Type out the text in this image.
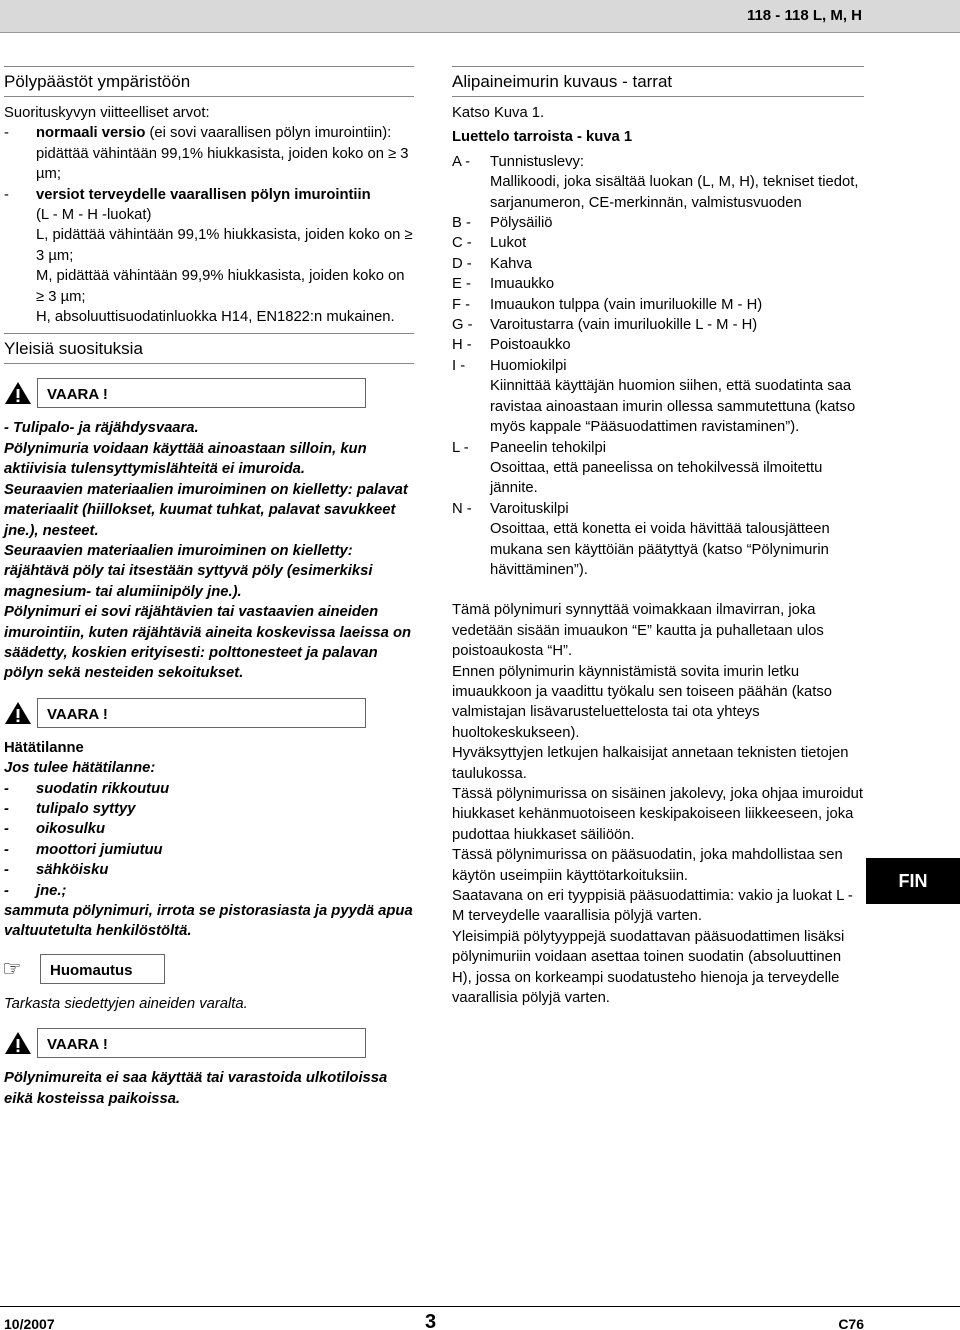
118 - 118 L, M, H
Pölypäästöt ympäristöön
Suorituskyvyn viitteelliset arvot:
- normaali versio (ei sovi vaarallisen pölyn imurointiin): pidättää vähintään 99,1% hiukkasista, joiden koko on ≥ 3 µm;
- versiot terveydelle vaarallisen pölyn imurointiin
(L - M - H -luokat)
L, pidättää vähintään 99,1% hiukkasista, joiden koko on ≥ 3 µm;
M, pidättää vähintään 99,9% hiukkasista, joiden koko on ≥ 3 µm;
H, absoluuttisuodatinluokka H14, EN1822:n mukainen.
Yleisiä suosituksia
VAARA !
- Tulipalo- ja räjähdysvaara.
Pölynimuria voidaan käyttää ainoastaan silloin, kun aktiivisia tulensyttymislähteitä ei imuroida.
Seuraavien materiaalien imuroiminen on kielletty: palavat materiaalit (hiillokset, kuumat tuhkat, palavat savukkeet jne.), nesteet.
Seuraavien materiaalien imuroiminen on kielletty: räjähtävä pöly tai itsestään syttyvä pöly (esimerkiksi magnesium- tai alumiinipöly jne.).
Pölynimuri ei sovi räjähtävien tai vastaavien aineiden imurointiin, kuten räjähtäviä aineita koskevissa laeissa on säädetty, koskien erityisesti: polttonesteet ja palavan pölyn sekä nesteiden sekoitukset.
VAARA !
Hätätilanne
Jos tulee hätätilanne:
- suodatin rikkoutuu
- tulipalo syttyy
- oikosulku
- moottori jumiutuu
- sähköisku
- jne.;
sammuta pölynimuri, irrota se pistorasiasta ja pyydä apua valtuutetulta henkilöstöltä.
☞	Huomautus
Tarkasta siedettyjen aineiden varalta.
VAARA !
Pölynimureita ei saa käyttää tai varastoida ulkotiloissa eikä kosteissa paikoissa.
Alipaineimurin kuvaus - tarrat
Katso Kuva 1.
Luettelo tarroista - kuva 1
A - Tunnistuslevy:
Mallikoodi, joka sisältää luokan (L, M, H), tekniset tiedot, sarjanumeron, CE-merkinnän, valmistusvuoden
B - Pölysäiliö
C - Lukot
D - Kahva
E - Imuaukko
F - Imuaukon tulppa (vain imuriluokille M - H)
G - Varoitustarra (vain imuriluokille L - M - H)
H - Poistoaukko
I - Huomiokilpi
Kiinnittää käyttäjän huomion siihen, että suodatinta saa ravistaa ainoastaan imurin ollessa sammutettuna (katso myös kappale “Pääsuodattimen ravistaminen”).
L - Paneelin tehokilpi
Osoittaa, että paneelissa on tehokilvessä ilmoitettu jännite.
N - Varoituskilpi
Osoittaa, että konetta ei voida hävittää talousjätteen mukana sen käyttöiän päätyttyä (katso “Pölynimurin hävittäminen”).
Tämä pölynimuri synnyttää voimakkaan ilmavirran, joka vedetään sisään imuaukon “E” kautta ja puhalletaan ulos poistoaukosta “H”.
Ennen pölynimurin käynnistämistä sovita imurin letku imuaukkoon ja vaadittu työkalu sen toiseen päähän (katso valmistajan lisävarusteluettelosta tai ota yhteys huoltokeskukseen).
Hyväksyttyjen letkujen halkaisijat annetaan teknisten tietojen taulukossa.
Tässä pölynimurissa on sisäinen jakolevy, joka ohjaa imuroidut hiukkaset kehänmuotoiseen keskipakoiseen liikkeeseen, joka pudottaa hiukkaset säiliöön.
Tässä pölynimurissa on pääsuodatin, joka mahdollistaa sen käytön useimpiin käyttötarkoituksiin.
Saatavana on eri tyyppisiä pääsuodattimia: vakio ja luokat L - M terveydelle vaarallisia pölyjä varten.
Yleisimpiä pölytyyppejä suodattavan pääsuodattimen lisäksi pölynimuriin voidaan asettaa toinen suodatin (absoluuttinen H), jossa on korkeampi suodatusteho hienoja ja terveydelle vaarallisia pölyjä varten.
FIN
10/2007	3	C76
